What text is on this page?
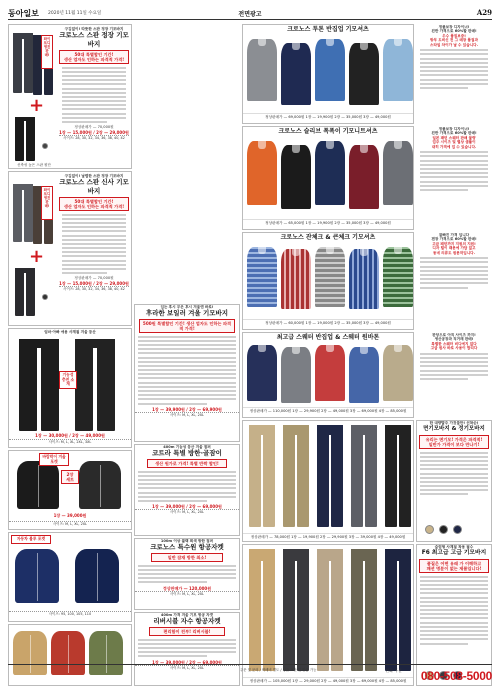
동아일보 2020년 11월 11일 수요일	전면광고	A29
+
화이트디 영진판매!
신축성 높은 스판 원단
구김없이! 따뜻한 스판 정장 기모바지
크로노스 스판 정장 기모바지
50대 특별할인 기간!
생산 업자도 인하는 파격적 가격!
정상판매가 — 70,000원
1장 — 15,000원 / 2장 — 29,000원
사이즈: 28, 30, 32, 34, 36, 38, 40, 42
+
화이트디 영진판매!
구김없이! 날렵한 스판 정장 기모바지
크로노스 스판 신사 기모바지
50대 특별할인 기간!
생산 업자도 인하는 파격적 가격!
정상판매가 — 70,000원
1장 — 15,000원 / 2장 — 29,000원
사이즈: 28, 30, 32, 34, 36, 38, 40, 42
엄마·아빠 애용 사계절 겨울 등산
기능성 충전 소재
1장 — 30,000원 / 2장 — 49,000원
사이즈: M, L, XL, 2XL, 3XL
바람막이 겨울 포켓
2장 세트
1장 — 39,000원
사이즈: M, L, XL, 2XL
자동차 블루 포켓
사이즈: 95, 100, 105, 110
입는 후시 무은 후시 겨울엔 바로!
후라한 보일러 겨울 기모바지
500원 특별할인 기간! 생산 업자도 인하는 파격적 가격!
1장 — 39,900원 / 2장 — 69,900원
사이즈: M, L, XL, 2XL
400m 기능성 등산 겨울 점퍼
코트라 특별 방한·골잠이
생산 원가로 가격! 특별 반짝 할인!
1장 — 39,000원 / 2장 — 69,000원
사이즈: M, L, XL, 2XL
100m 이상 블랙 회색 방한 점퍼
크로노스 특수원 항공자켓
일반 잠재 방한 최소!
정상판매가 — 120,000원
사이즈: M, L, XL, 2XL
400m 가격 겨울 기모 항공 자켓
리버시블 자수 항공자켓
편리함이 전부! 리버시블!
1장 — 39,000원 / 2장 — 69,000원
사이즈: M, L, XL, 2XL
크로노스 투톤 반집업 기모셔츠
정상판매가 — 69,000원 1장 — 19,900원 2장 — 35,000원 3장 — 49,000원
크로노스 슬리브 폭폭이 기모니트셔츠
정상판매가 — 65,000원 1장 — 19,900원 2장 — 35,000원 3장 — 49,000원
크로노스 잔체크 & 큰체크 기모셔츠
정상판매가 — 60,000원 1장 — 19,000원 2장 — 35,000원 3장 — 49,000원
최고급 스웨터 반집업 & 스웨터 원바톤
정상판매가 — 110,000원 1장 — 29,900원 2장 — 49,000원 3장 — 69,000원 4장 — 85,000원
정상판매가 — 78,000원 1장 — 19,900원 2장 — 29,900원 3장 — 39,000원 4장 — 49,000원
정상판매가 — 105,000원 1장 — 29,000원 2장 — 49,000원 3장 — 69,000원 4장 — 85,000원
정품보장 디자이너!
왼반 가격으로 60%할 판매!
우수 품질보증!
방부 도비신 전 그 매장 품질과
스타일 차이가 날 수 있습니다.
정품보장 디자이너!
왼반 가격으로 60%할 판매!
일본 패턴 스웨터 판매 물량
업주 시이즈 및 별상 샘플이
대히 가격에 업 수 있습니다.
잘빠진 가격 입니다
겐장 가격으로 60%할 판매!
고급 패턴까지 지원의 지원!
디자 털이 때문에 가답 없고
동네 의류도 원문작입니다.
판당으로 아직 사이즈 까지!
생산공장과 직거래 판매!
특별한 스웨터 비디에지 없다
고급 원사 바로 사용이 합리다
한 대량발주 가짓들만! 선착순!
면기모바지 & 정기모바지
유리는 면기모! 가격은 파격적!
일반가 가격이 보다 만나기!
슬림형 사계절 착용 필수
F6 최고급 고급 기모바지
품질은 어떤 유래 가 이해하고
패션 명분이 없는 제품입니다!
주문 및 문의 / 택배비 별도 / 상품 교환 및 반품 가능	전화 주문 080-508-5000
